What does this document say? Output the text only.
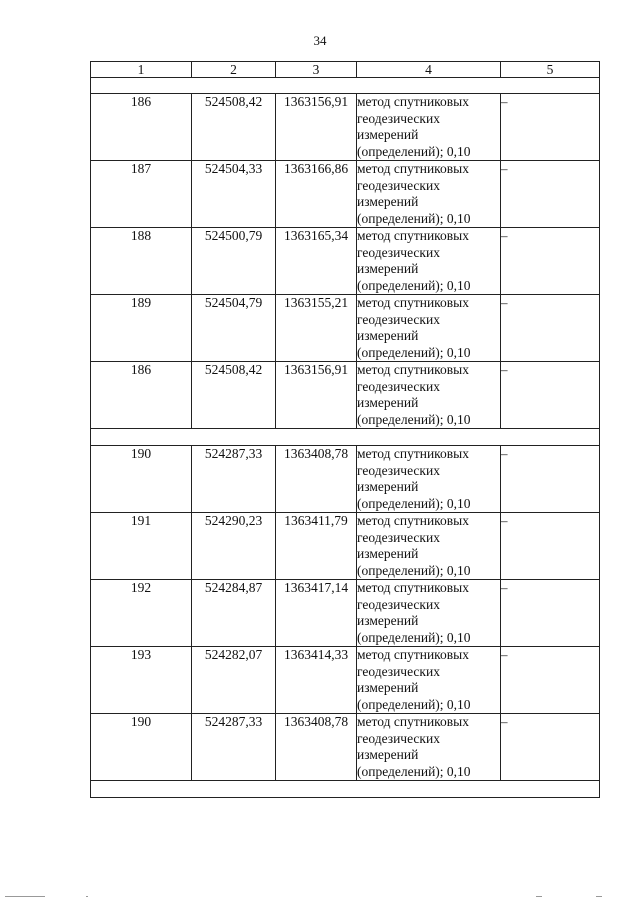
34
1	2	3	4	5

186	524508,42	1363156,91	метод спутниковых геодезических измерений (определений); 0,10	–
187	524504,33	1363166,86	метод спутниковых геодезических измерений (определений); 0,10	–
188	524500,79	1363165,34	метод спутниковых геодезических измерений (определений); 0,10	–
189	524504,79	1363155,21	метод спутниковых геодезических измерений (определений); 0,10	–
186	524508,42	1363156,91	метод спутниковых геодезических измерений (определений); 0,10	–

190	524287,33	1363408,78	метод спутниковых геодезических измерений (определений); 0,10	–
191	524290,23	1363411,79	метод спутниковых геодезических измерений (определений); 0,10	–
192	524284,87	1363417,14	метод спутниковых геодезических измерений (определений); 0,10	–
193	524282,07	1363414,33	метод спутниковых геодезических измерений (определений); 0,10	–
190	524287,33	1363408,78	метод спутниковых геодезических измерений (определений); 0,10	–
